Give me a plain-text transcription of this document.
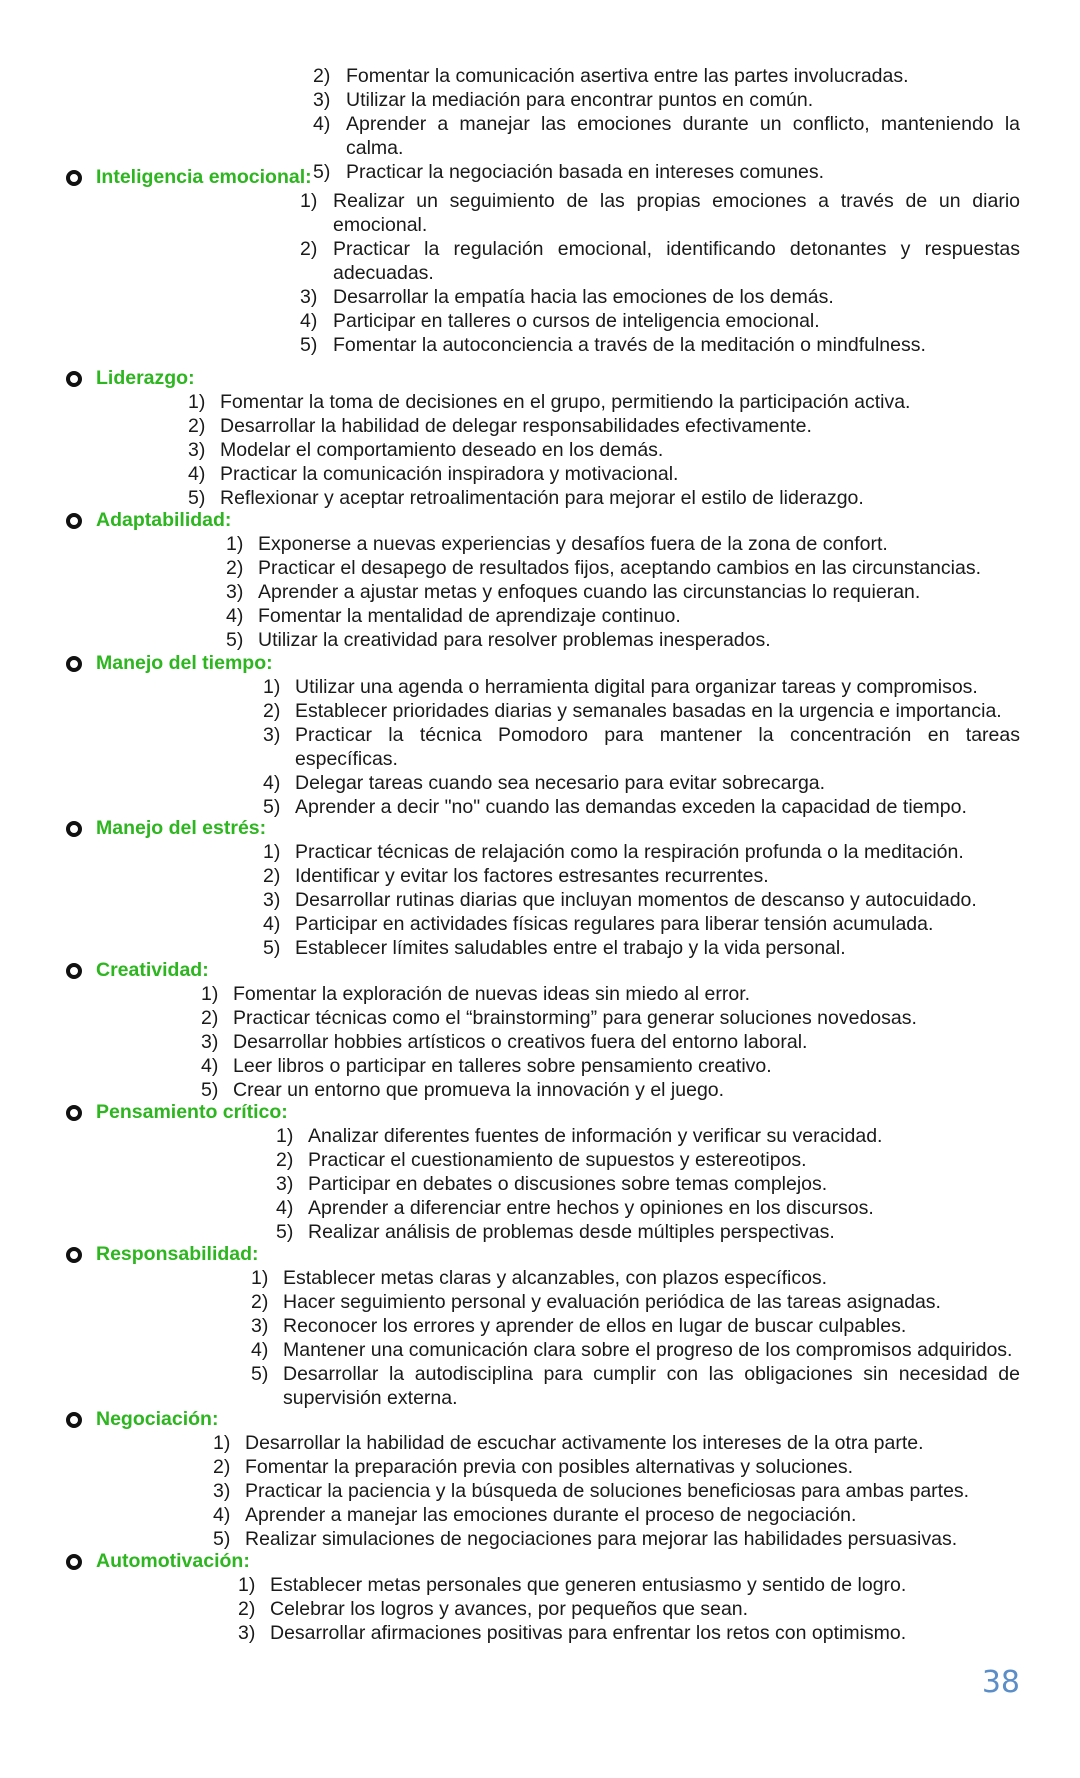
2) Fomentar la comunicación asertiva entre las partes involucradas.
3) Utilizar la mediación para encontrar puntos en común.
4) Aprender a manejar las emociones durante un conflicto, manteniendo la calma.
5) Practicar la negociación basada en intereses comunes.
Inteligencia emocional:
1) Realizar un seguimiento de las propias emociones a través de un diario emocional.
2) Practicar la regulación emocional, identificando detonantes y respuestas adecuadas.
3) Desarrollar la empatía hacia las emociones de los demás.
4) Participar en talleres o cursos de inteligencia emocional.
5) Fomentar la autoconciencia a través de la meditación o mindfulness.
Liderazgo:
1) Fomentar la toma de decisiones en el grupo, permitiendo la participación activa.
2) Desarrollar la habilidad de delegar responsabilidades efectivamente.
3) Modelar el comportamiento deseado en los demás.
4) Practicar la comunicación inspiradora y motivacional.
5) Reflexionar y aceptar retroalimentación para mejorar el estilo de liderazgo.
Adaptabilidad:
1) Exponerse a nuevas experiencias y desafíos fuera de la zona de confort.
2) Practicar el desapego de resultados fijos, aceptando cambios en las circunstancias.
3) Aprender a ajustar metas y enfoques cuando las circunstancias lo requieran.
4) Fomentar la mentalidad de aprendizaje continuo.
5) Utilizar la creatividad para resolver problemas inesperados.
Manejo del tiempo:
1) Utilizar una agenda o herramienta digital para organizar tareas y compromisos.
2) Establecer prioridades diarias y semanales basadas en la urgencia e importancia.
3) Practicar la técnica Pomodoro para mantener la concentración en tareas específicas.
4) Delegar tareas cuando sea necesario para evitar sobrecarga.
5) Aprender a decir "no" cuando las demandas exceden la capacidad de tiempo.
Manejo del estrés:
1) Practicar técnicas de relajación como la respiración profunda o la meditación.
2) Identificar y evitar los factores estresantes recurrentes.
3) Desarrollar rutinas diarias que incluyan momentos de descanso y autocuidado.
4) Participar en actividades físicas regulares para liberar tensión acumulada.
5) Establecer límites saludables entre el trabajo y la vida personal.
Creatividad:
1) Fomentar la exploración de nuevas ideas sin miedo al error.
2) Practicar técnicas como el “brainstorming” para generar soluciones novedosas.
3) Desarrollar hobbies artísticos o creativos fuera del entorno laboral.
4) Leer libros o participar en talleres sobre pensamiento creativo.
5) Crear un entorno que promueva la innovación y el juego.
Pensamiento crítico:
1) Analizar diferentes fuentes de información y verificar su veracidad.
2) Practicar el cuestionamiento de supuestos y estereotipos.
3) Participar en debates o discusiones sobre temas complejos.
4) Aprender a diferenciar entre hechos y opiniones en los discursos.
5) Realizar análisis de problemas desde múltiples perspectivas.
Responsabilidad:
1) Establecer metas claras y alcanzables, con plazos específicos.
2) Hacer seguimiento personal y evaluación periódica de las tareas asignadas.
3) Reconocer los errores y aprender de ellos en lugar de buscar culpables.
4) Mantener una comunicación clara sobre el progreso de los compromisos adquiridos.
5) Desarrollar la autodisciplina para cumplir con las obligaciones sin necesidad de supervisión externa.
Negociación:
1) Desarrollar la habilidad de escuchar activamente los intereses de la otra parte.
2) Fomentar la preparación previa con posibles alternativas y soluciones.
3) Practicar la paciencia y la búsqueda de soluciones beneficiosas para ambas partes.
4) Aprender a manejar las emociones durante el proceso de negociación.
5) Realizar simulaciones de negociaciones para mejorar las habilidades persuasivas.
Automotivación:
1) Establecer metas personales que generen entusiasmo y sentido de logro.
2) Celebrar los logros y avances, por pequeños que sean.
3) Desarrollar afirmaciones positivas para enfrentar los retos con optimismo.
38
